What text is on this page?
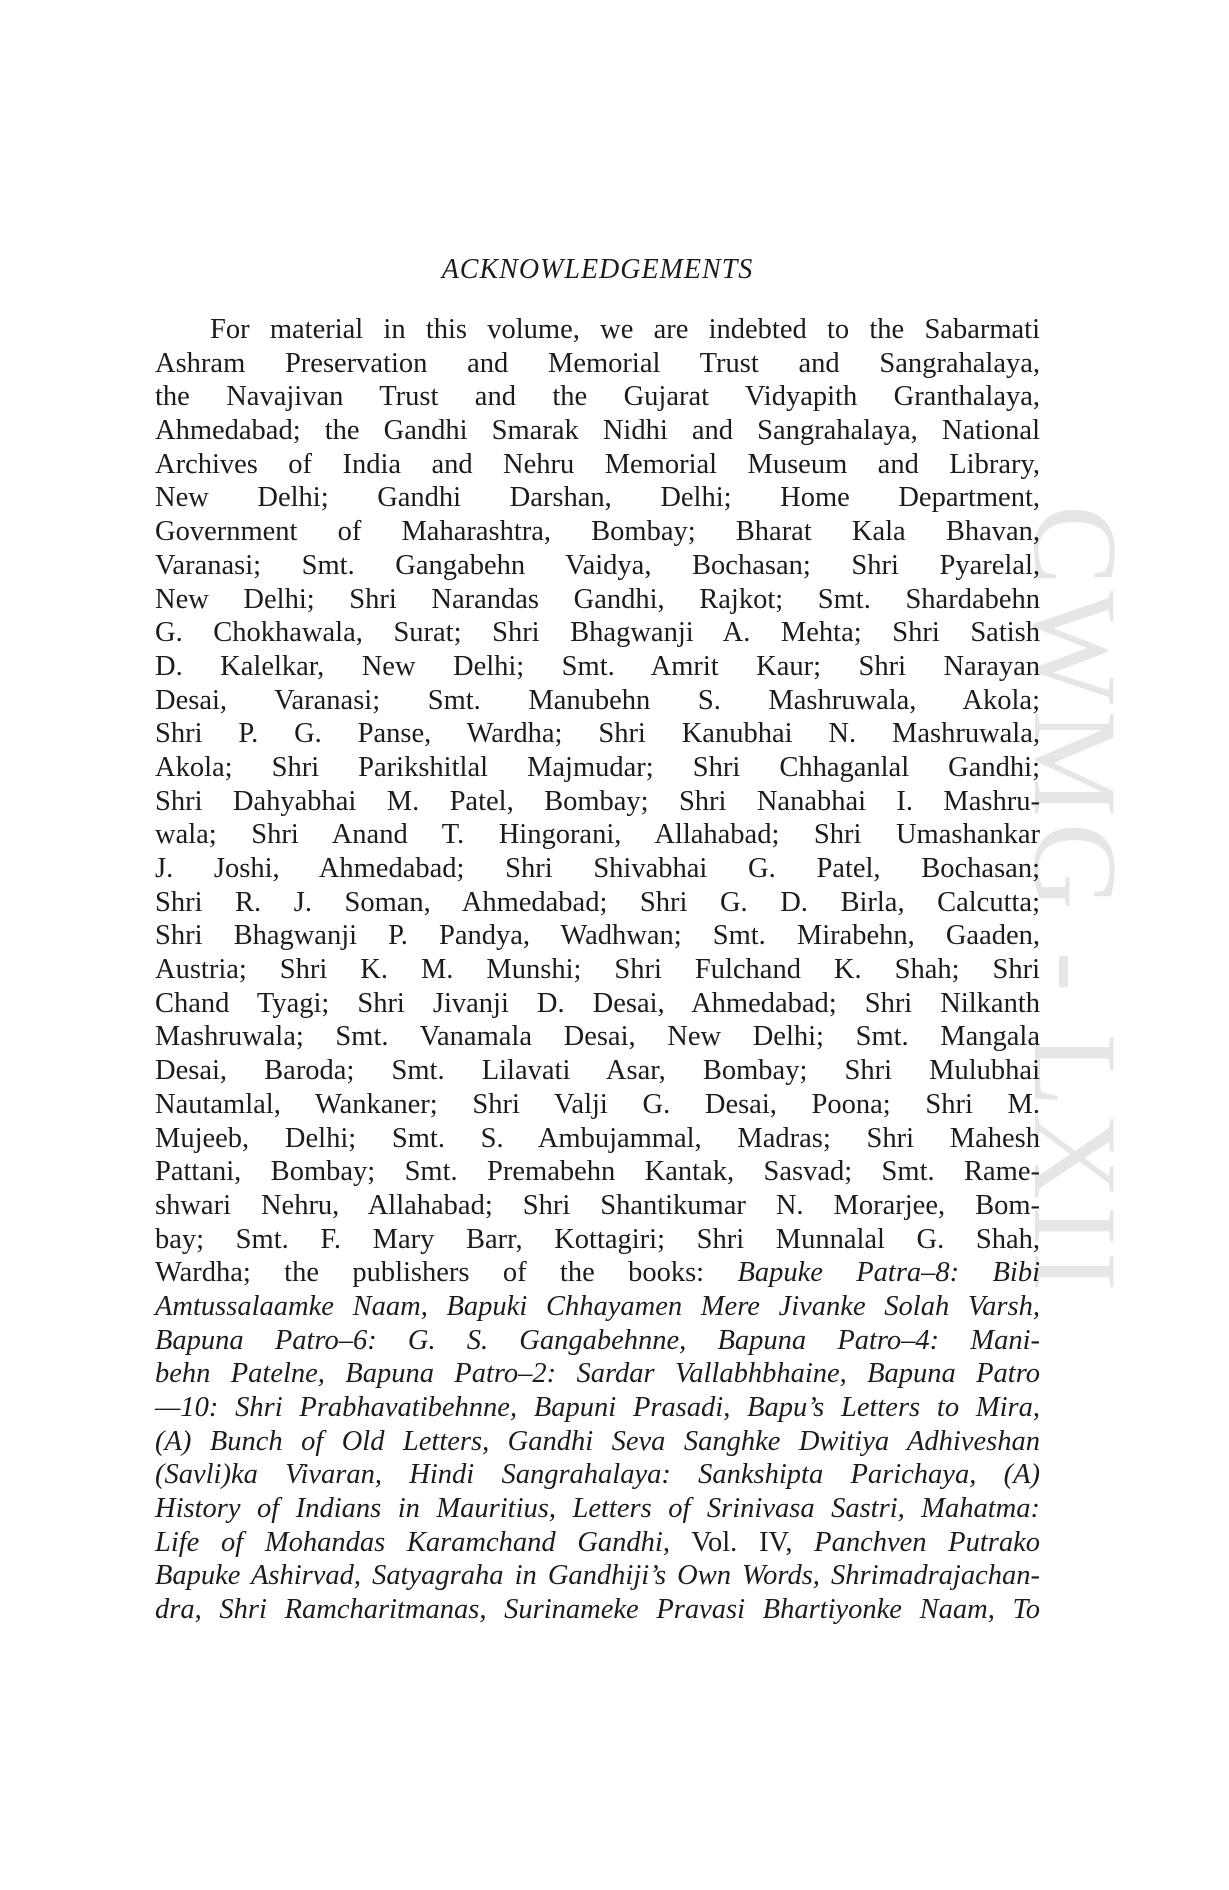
CWMG - LXII
ACKNOWLEDGEMENTS
For material in this volume, we are indebted to the Sabarmati
Ashram Preservation and Memorial Trust and Sangrahalaya,
the Navajivan Trust and the Gujarat Vidyapith Granthalaya,
Ahmedabad; the Gandhi Smarak Nidhi and Sangrahalaya, National
Archives of India and Nehru Memorial Museum and Library,
New Delhi; Gandhi Darshan, Delhi; Home Department,
Government of Maharashtra, Bombay; Bharat Kala Bhavan,
Varanasi; Smt. Gangabehn Vaidya, Bochasan; Shri Pyarelal,
New Delhi; Shri Narandas Gandhi, Rajkot; Smt. Shardabehn
G. Chokhawala, Surat; Shri Bhagwanji A. Mehta; Shri Satish
D. Kalelkar, New Delhi; Smt. Amrit Kaur; Shri Narayan
Desai, Varanasi; Smt. Manubehn S. Mashruwala, Akola;
Shri P. G. Panse, Wardha; Shri Kanubhai N. Mashruwala,
Akola; Shri Parikshitlal Majmudar; Shri Chhaganlal Gandhi;
Shri Dahyabhai M. Patel, Bombay; Shri Nanabhai I. Mashru-
wala; Shri Anand T. Hingorani, Allahabad; Shri Umashankar
J. Joshi, Ahmedabad; Shri Shivabhai G. Patel, Bochasan;
Shri R. J. Soman, Ahmedabad; Shri G. D. Birla, Calcutta;
Shri Bhagwanji P. Pandya, Wadhwan; Smt. Mirabehn, Gaaden,
Austria; Shri K. M. Munshi; Shri Fulchand K. Shah; Shri
Chand Tyagi; Shri Jivanji D. Desai, Ahmedabad; Shri Nilkanth
Mashruwala; Smt. Vanamala Desai, New Delhi; Smt. Mangala
Desai, Baroda; Smt. Lilavati Asar, Bombay; Shri Mulubhai
Nautamlal, Wankaner; Shri Valji G. Desai, Poona; Shri M.
Mujeeb, Delhi; Smt. S. Ambujammal, Madras; Shri Mahesh
Pattani, Bombay; Smt. Premabehn Kantak, Sasvad; Smt. Rame-
shwari Nehru, Allahabad; Shri Shantikumar N. Morarjee, Bom-
bay; Smt. F. Mary Barr, Kottagiri; Shri Munnalal G. Shah,
Wardha; the publishers of the books: Bapuke Patra–8: Bibi
Amtussalaamke Naam, Bapuki Chhayamen Mere Jivanke Solah Varsh,
Bapuna Patro–6: G. S. Gangabehnne, Bapuna Patro–4: Mani-
behn Patelne, Bapuna Patro–2: Sardar Vallabhbhaine, Bapuna Patro
—10: Shri Prabhavatibehnne, Bapuni Prasadi, Bapu’s Letters to Mira,
(A) Bunch of Old Letters, Gandhi Seva Sanghke Dwitiya Adhiveshan
(Savli)ka Vivaran, Hindi Sangrahalaya: Sankshipta Parichaya, (A)
History of Indians in Mauritius, Letters of Srinivasa Sastri, Mahatma:
Life of Mohandas Karamchand Gandhi, Vol. IV, Panchven Putrako
Bapuke Ashirvad, Satyagraha in Gandhiji’s Own Words, Shrimadrajachan-
dra, Shri Ramcharitmanas, Surinameke Pravasi Bhartiyonke Naam, To
